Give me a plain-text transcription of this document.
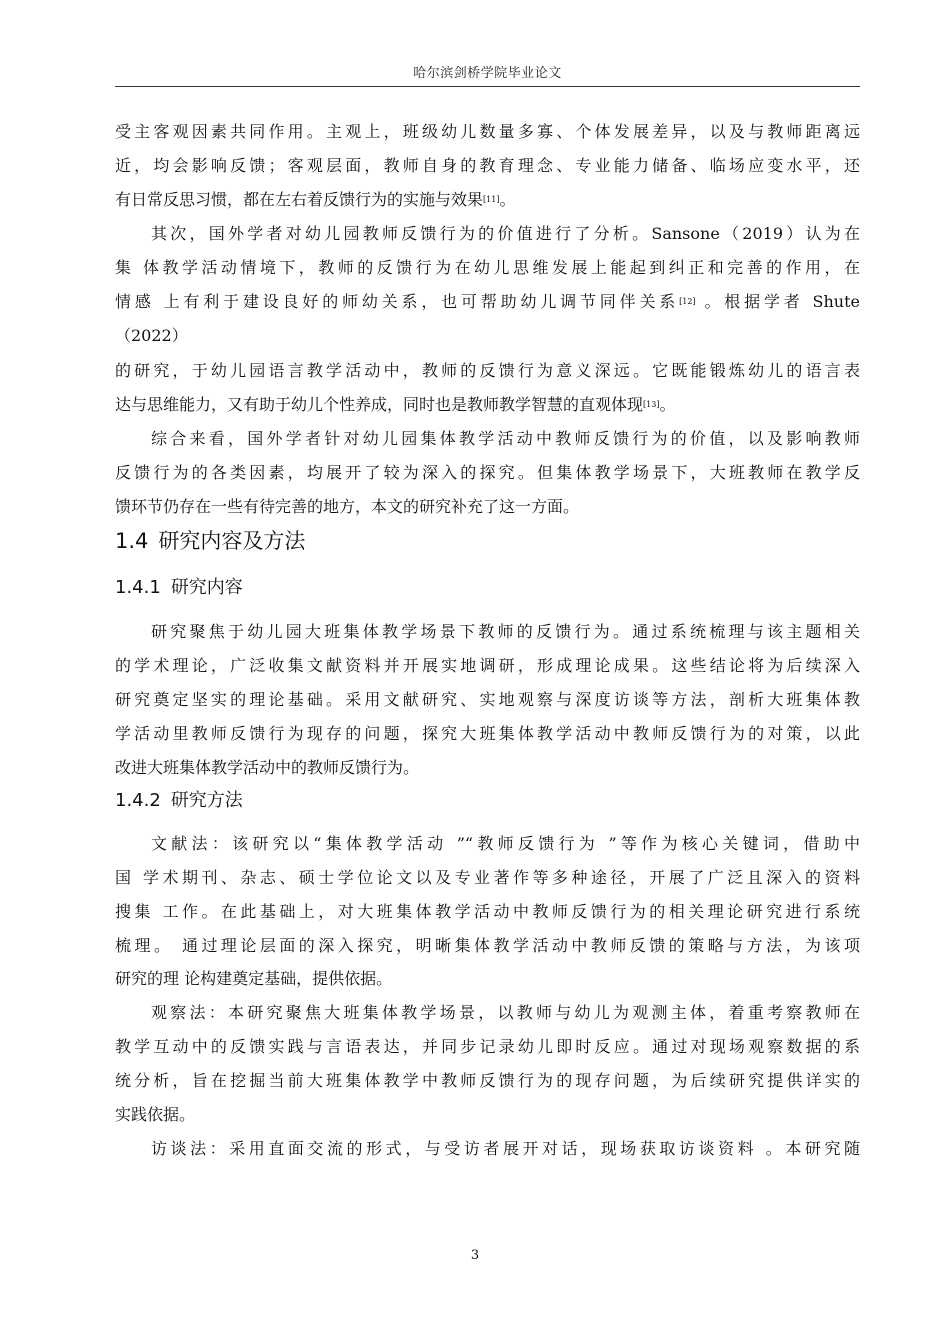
哈尔滨剑桥学院毕业论文
受主客观因素共同作用。主观上，班级幼儿数量多寡、个体发展差异，以及与教师距离远
近，均会影响反馈；客观层面，教师自身的教育理念、专业能力储备、临场应变水平，还
有日常反思习惯，都在左右着反馈行为的实施与效果[11]。
其次，国外学者对幼儿园教师反馈行为的价值进行了分析。Sansone（2019）认为在
集 体教学活动情境下，教师的反馈行为在幼儿思维发展上能起到纠正和完善的作用，在
情感 上有利于建设良好的师幼关系，也可帮助幼儿调节同伴关系[12] 。根据学者 Shute
（2022）
的研究，于幼儿园语言教学活动中，教师的反馈行为意义深远。它既能锻炼幼儿的语言表
达与思维能力，又有助于幼儿个性养成，同时也是教师教学智慧的直观体现[13]。
综合来看，国外学者针对幼儿园集体教学活动中教师反馈行为的价值，以及影响教师
反馈行为的各类因素，均展开了较为深入的探究。但集体教学场景下，大班教师在教学反
馈环节仍存在一些有待完善的地方，本文的研究补充了这一方面。
1.4 研究内容及方法
1.4.1 研究内容
研究聚焦于幼儿园大班集体教学场景下教师的反馈行为。通过系统梳理与该主题相关
的学术理论，广泛收集文献资料并开展实地调研，形成理论成果。这些结论将为后续深入
研究奠定坚实的理论基础。采用文献研究、实地观察与深度访谈等方法，剖析大班集体教
学活动里教师反馈行为现存的问题，探究大班集体教学活动中教师反馈行为的对策，以此
改进大班集体教学活动中的教师反馈行为。
1.4.2 研究方法
文献法：该研究以“集体教学活动 ”“教师反馈行为 ”等作为核心关键词，借助中
国 学术期刊、杂志、硕士学位论文以及专业著作等多种途径，开展了广泛且深入的资料
搜集 工作。在此基础上，对大班集体教学活动中教师反馈行为的相关理论研究进行系统
梳理。 通过理论层面的深入探究，明晰集体教学活动中教师反馈的策略与方法，为该项
研究的理 论构建奠定基础，提供依据。
观察法：本研究聚焦大班集体教学场景，以教师与幼儿为观测主体，着重考察教师在
教学互动中的反馈实践与言语表达，并同步记录幼儿即时反应。通过对现场观察数据的系
统分析，旨在挖掘当前大班集体教学中教师反馈行为的现存问题，为后续研究提供详实的
实践依据。
访谈法：采用直面交流的形式，与受访者展开对话，现场获取访谈资料 。本研究随
3
